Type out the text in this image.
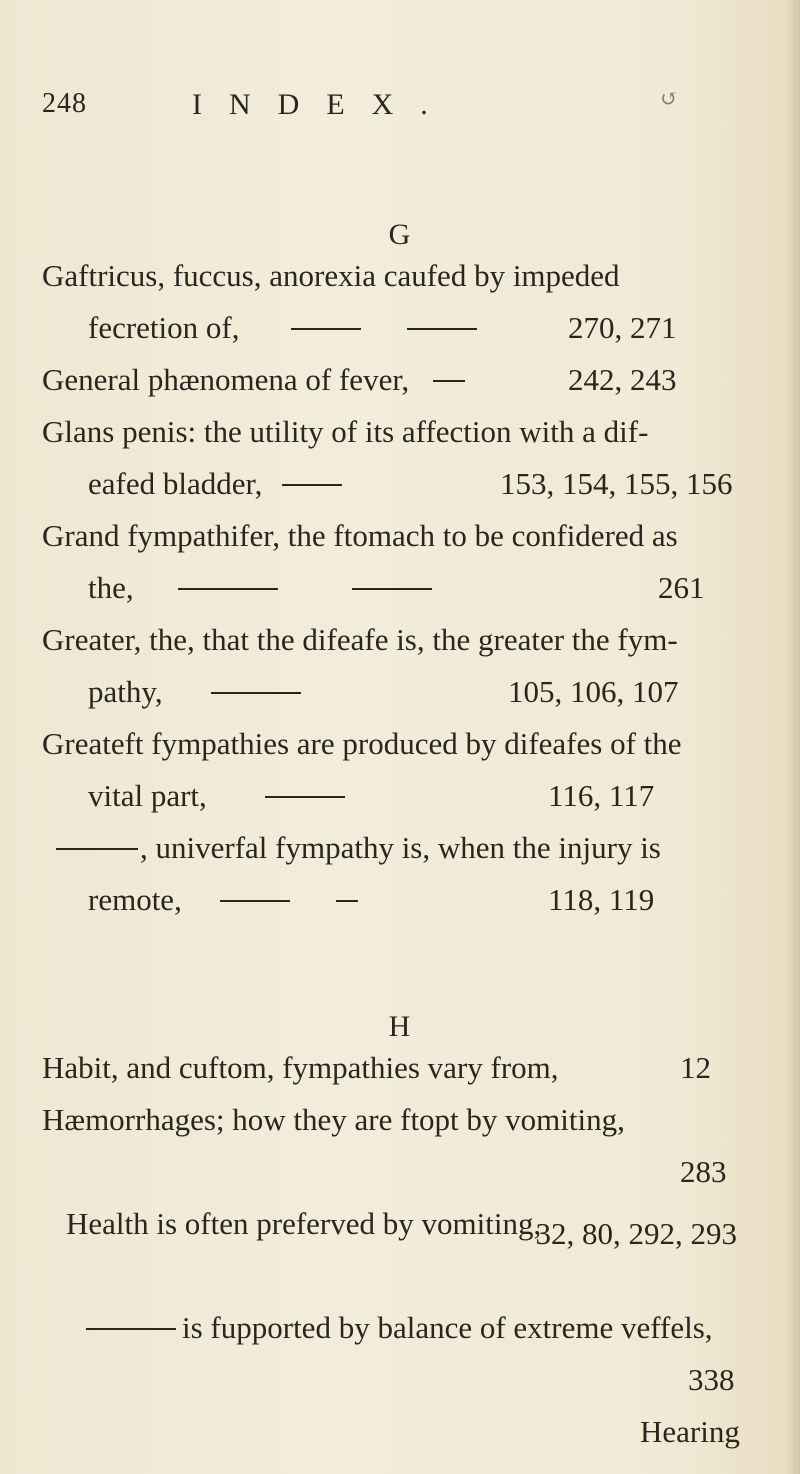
248	INDEX.	↺
G
Gaftricus, fuccus, anorexia caufed by impeded
fecretion of,	270, 271
General phænomena of fever,	242, 243
Glans penis: the utility of its affection with a dif-
eafed bladder,	153, 154, 155, 156
Grand fympathifer, the ftomach to be confidered as
the,	261
Greater, the, that the difeafe is, the greater the fym-
pathy,	105, 106, 107
Greateft fympathies are produced by difeafes of the
vital part,	116, 117
, univerfal fympathy is, when the injury is
remote,	118, 119
H
Habit, and cuftom, fympathies vary from,	12
Hæmorrhages; how they are ftopt by vomiting,
283
Health is often preferved by vomiting,
32, 80, 292, 293
is fupported by balance of extreme veffels,
338
Hearing
